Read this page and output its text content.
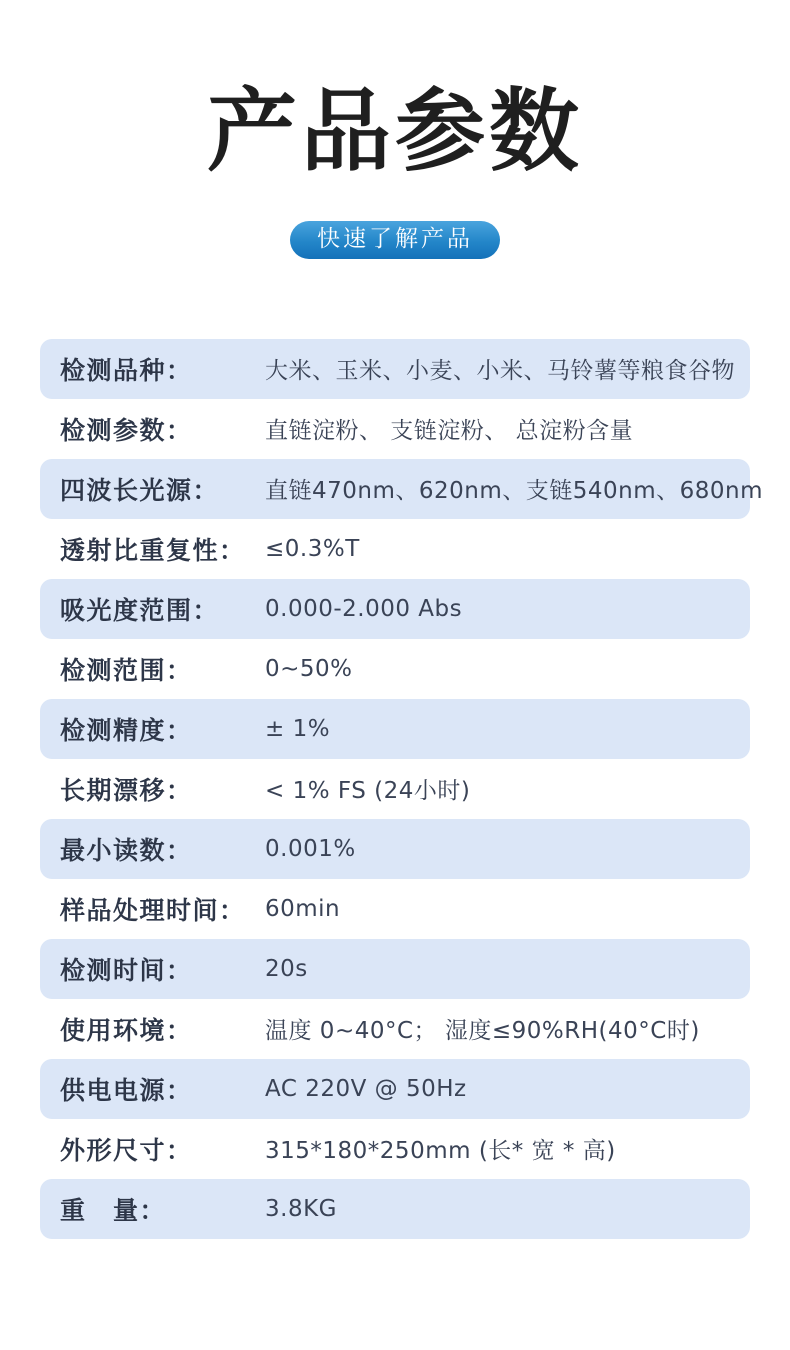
产品参数
快速了解产品
检测品种：	大米、玉米、小麦、小米、马铃薯等粮食谷物
检测参数：	直链淀粉、 支链淀粉、 总淀粉含量
四波长光源：	直链470nm、620nm、支链540nm、680nm
透射比重复性： ≤0.3%T
吸光度范围：	0.000-2.000 Abs
检测范围：	0~50%
检测精度：	± 1%
长期漂移：	< 1% FS (24小时)
最小读数：	0.001%
样品处理时间： 60min
检测时间：	20s
使用环境：	温度 0~40°C； 湿度≤90%RH(40°C时)
供电电源：	AC 220V @ 50Hz
外形尺寸：	315*180*250mm (长* 宽 * 高)
重　量：	3.8KG
